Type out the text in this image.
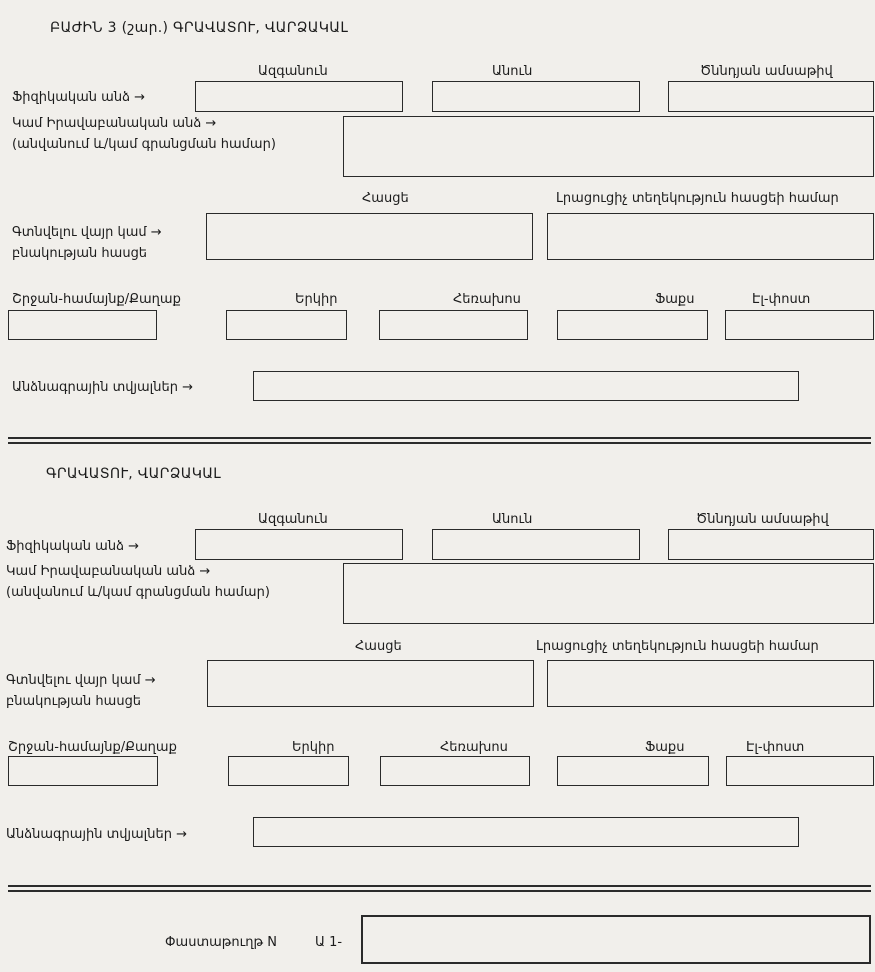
ԲԱԺԻՆ 3 (շար.) ԳՐԱՎԱՏՈՒ, ՎԱՐՁԱԿԱԼ
Ազգանուն	Անուն	Ծննդյան ամսաթիվ
Ֆիզիկական անձ →
Կամ Իրավաբանական անձ →
(անվանում և/կամ գրանցման համար)
Հասցե	Լրացուցիչ տեղեկություն հասցեի համար
Գտնվելու վայր կամ →
բնակության հասցե
Շրջան-համայնք/Քաղաք	Երկիր	Հեռախոս	Ֆաքս	Էլ-փոստ
Անձնագրային տվյալներ →
ԳՐԱՎԱՏՈՒ, ՎԱՐՁԱԿԱԼ
Ազգանուն	Անուն	Ծննդյան ամսաթիվ
Ֆիզիկական անձ →
Կամ Իրավաբանական անձ →
(անվանում և/կամ գրանցման համար)
Հասցե	Լրացուցիչ տեղեկություն հասցեի համար
Գտնվելու վայր կամ →
բնակության հասցե
Շրջան-համայնք/Քաղաք	Երկիր	Հեռախոս	Ֆաքս	Էլ-փոստ
Անձնագրային տվյալներ →
Փաստաթուղթ N	Ա 1-
